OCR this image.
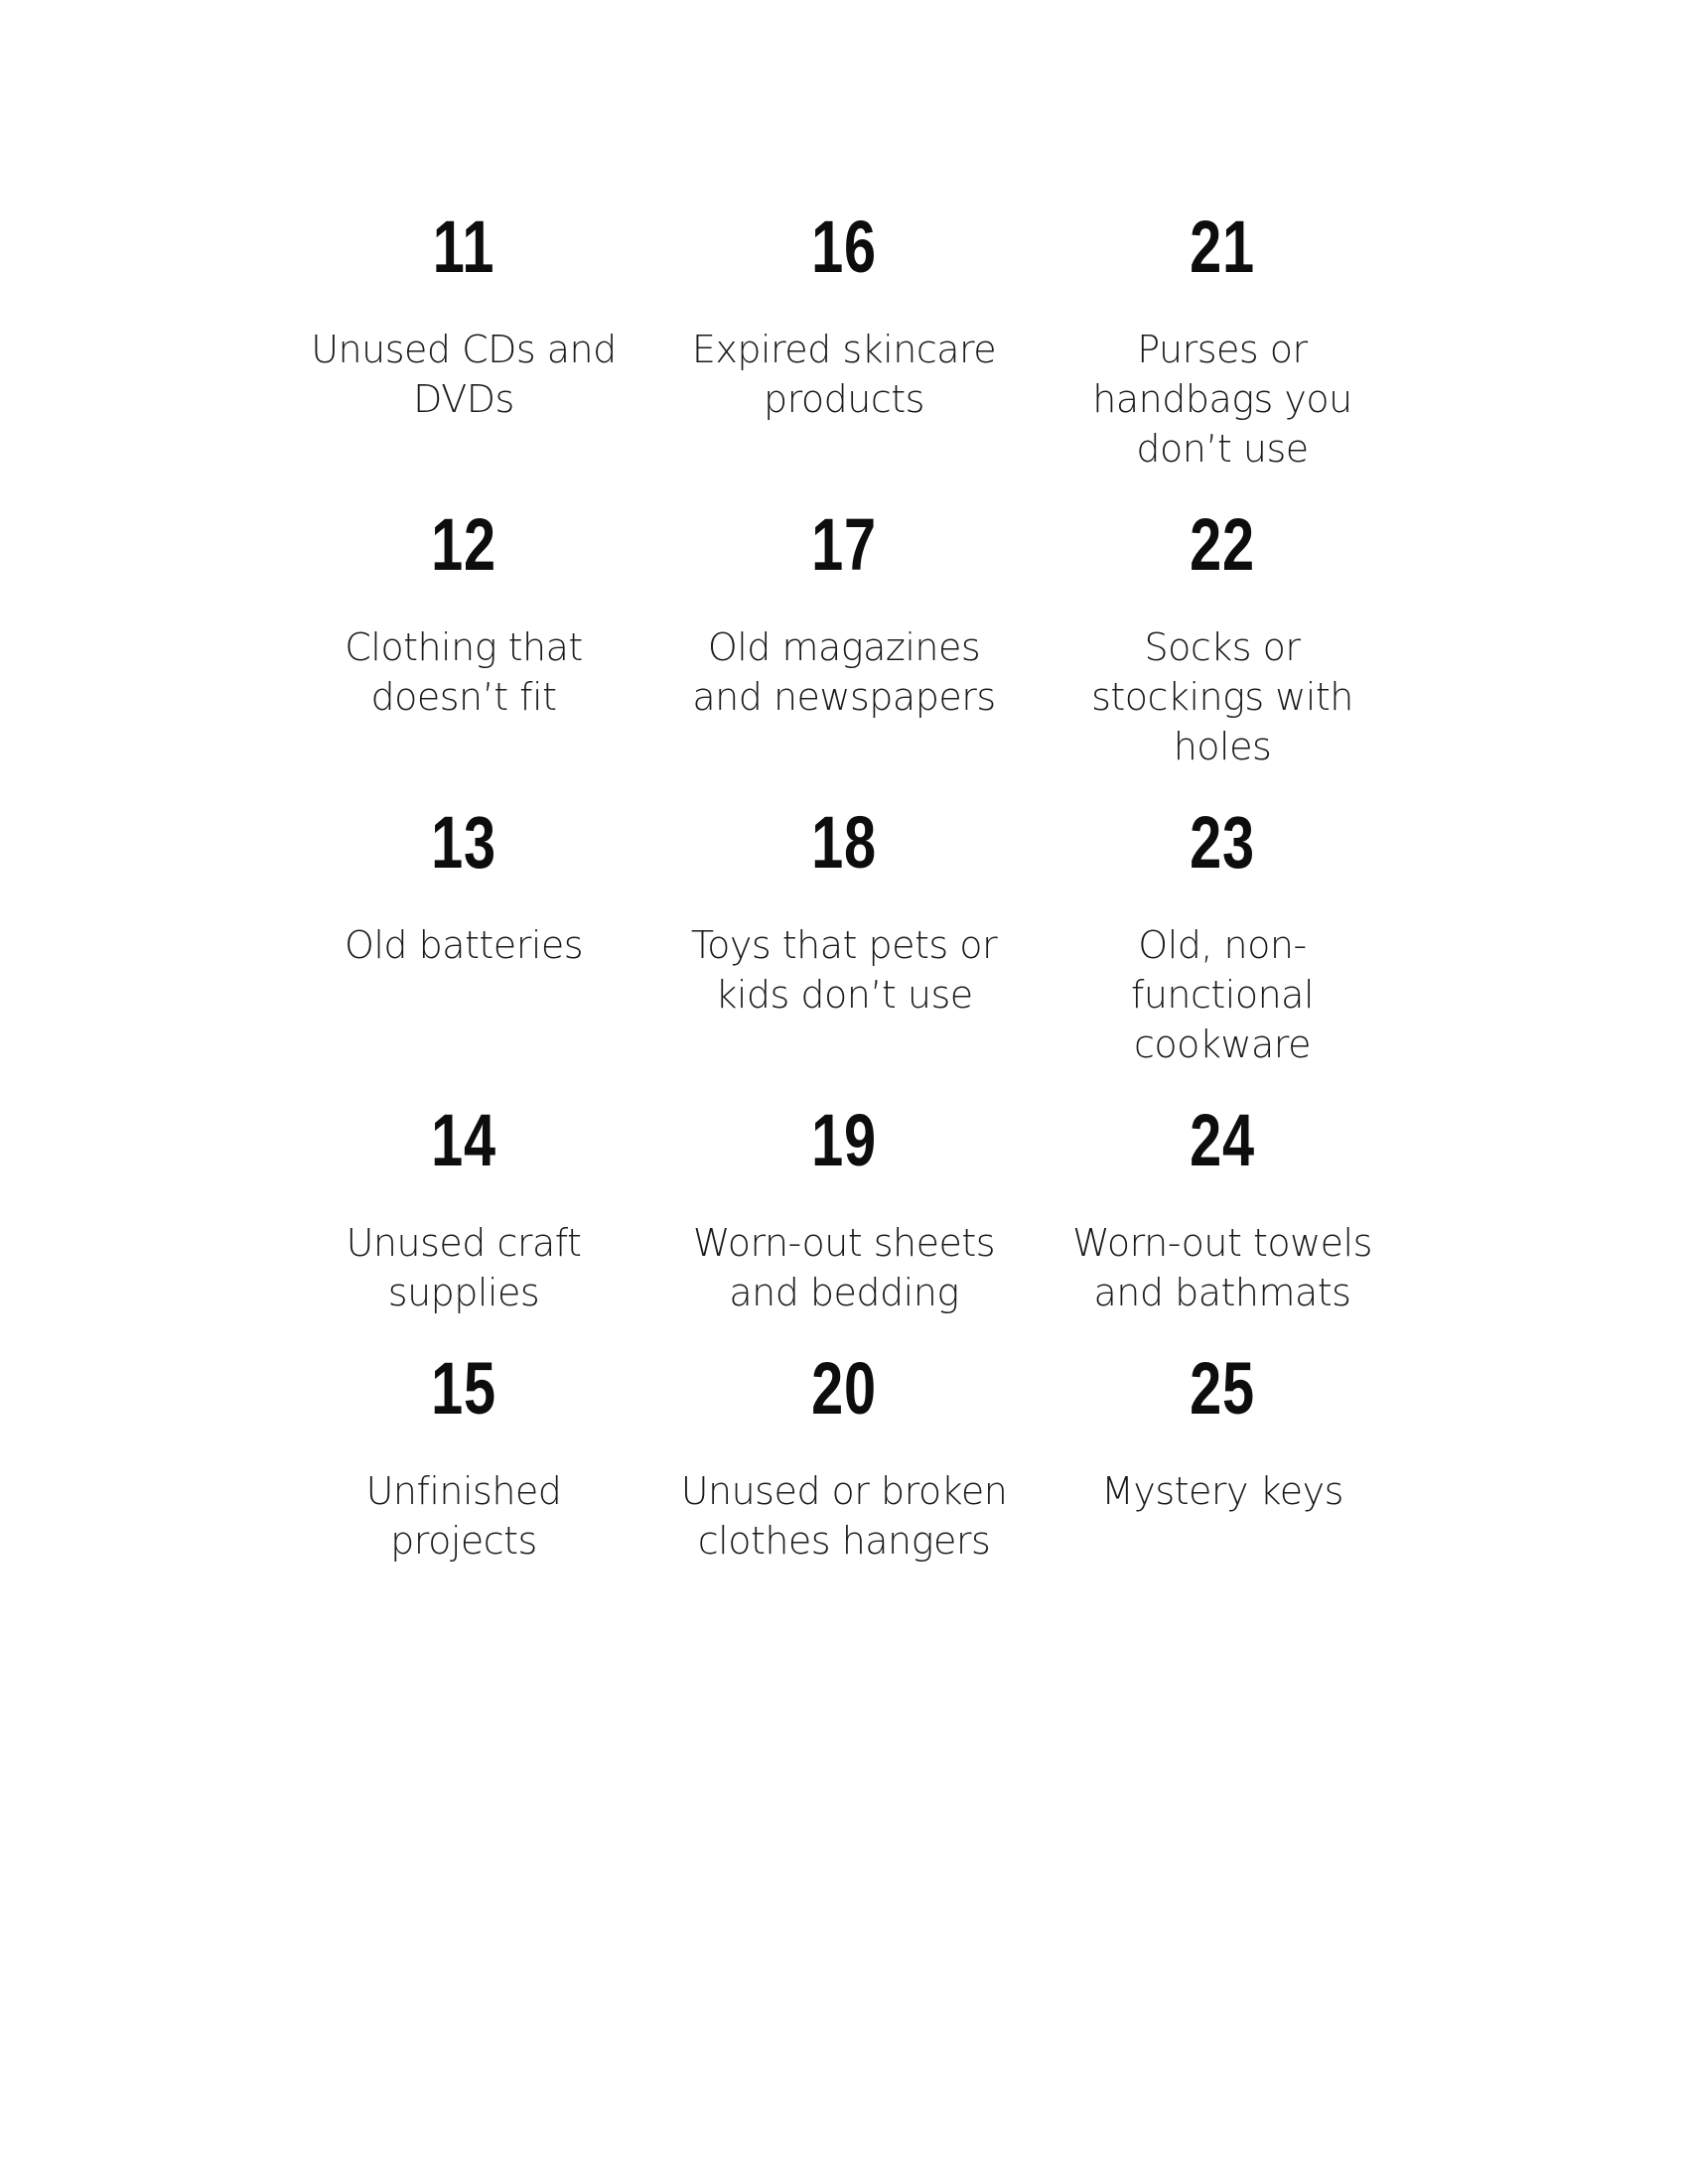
11
Unused CDs and DVDs
12
Clothing that doesn’t fit
13
Old batteries
14
Unused craft supplies
15
Unfinished projects
16
Expired skincare products
17
Old magazines and newspapers
18
Toys that pets or kids don’t use
19
Worn-out sheets and bedding
20
Unused or broken clothes hangers
21
Purses or handbags you don’t use
22
Socks or stockings with holes
23
Old, non-functional cookware
24
Worn-out towels and bathmats
25
Mystery keys
